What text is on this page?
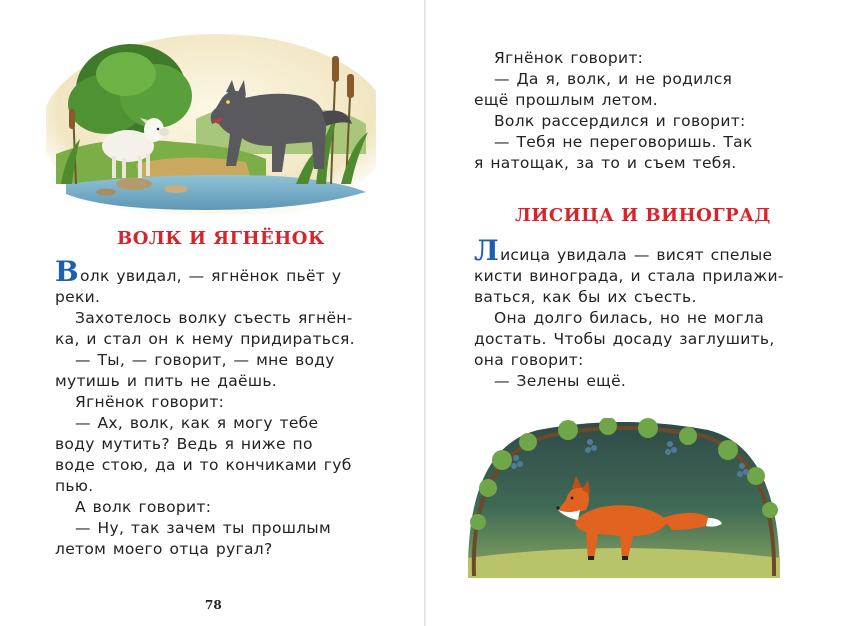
ВОЛК И ЯГНЁНОК

Волк увидал, — ягнёнок пьёт у

реки.

Захотелось волку съесть ягнён-

ка, и стал он к нему придираться.

— Ты, — говорит, — мне воду

мутишь и пить не даёшь.

Ягнёнок говорит:

— Ах, волк, как я могу тебе

воду мутить? Ведь я ниже по

воде стою, да и то кончиками губ

пью.

А волк говорит:

— Ну, так зачем ты прошлым

летом моего отца ругал?

78

Ягнёнок говорит:

— Да я, волк, и не родился

ещё прошлым летом.

Волк рассердился и говорит:

— Тебя не переговоришь. Так

я натощак, за то и съем тебя.

ЛИСИЦА И ВИНОГРАД

Лисица увидала — висят спелые

кисти винограда, и стала прилажи-

ваться, как бы их съесть.

Она долго билась, но не могла

достать. Чтобы досаду заглушить,

она говорит:

— Зелены ещё.
